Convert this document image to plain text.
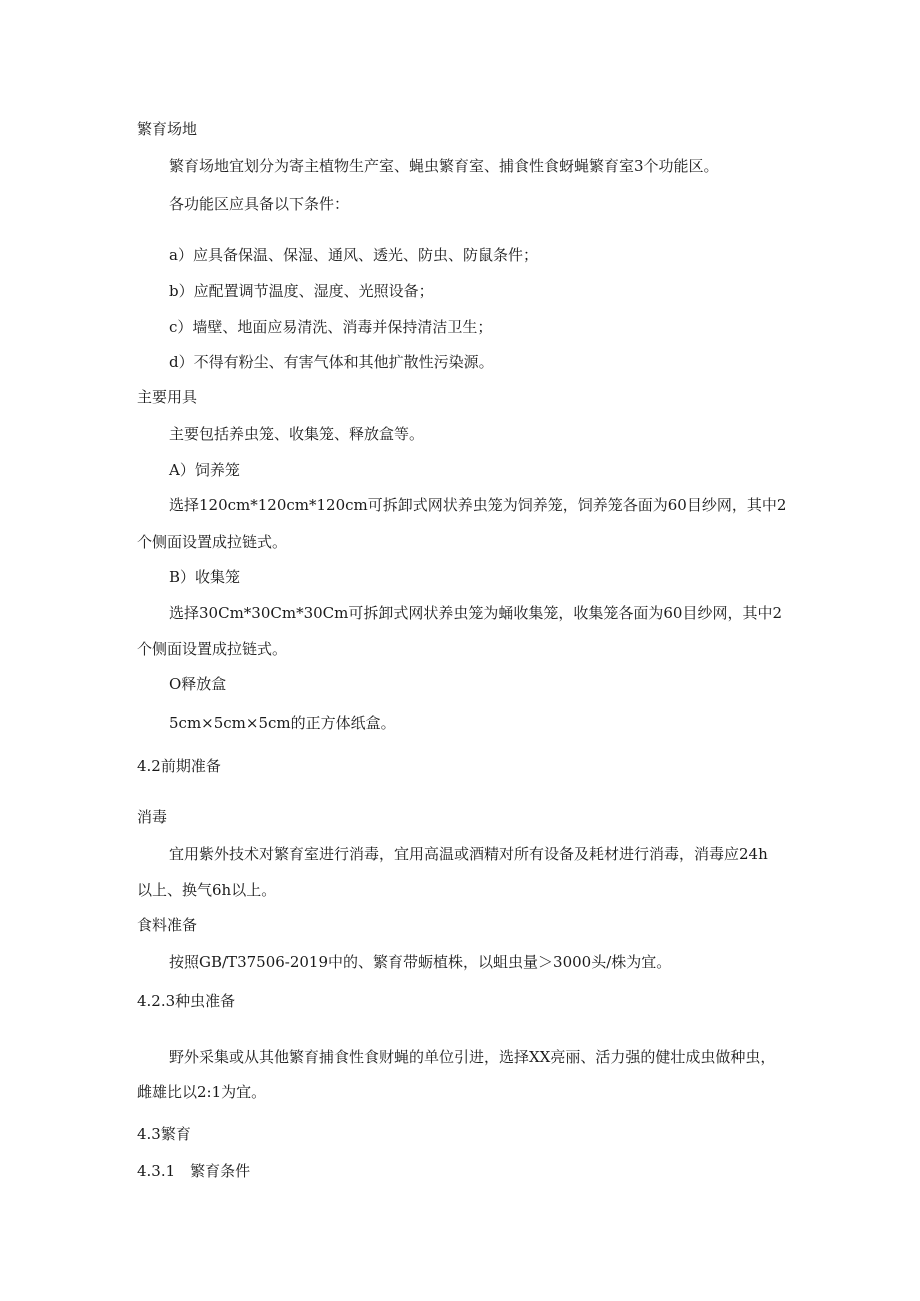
繁育场地

繁育场地宜划分为寄主植物生产室、蝇虫繁育室、捕食性食蚜蝇繁育室3个功能区。

各功能区应具备以下条件：

a）应具备保温、保湿、通风、透光、防虫、防鼠条件；

b）应配置调节温度、湿度、光照设备；

c）墙壁、地面应易清洗、消毒并保持清洁卫生；

d）不得有粉尘、有害气体和其他扩散性污染源。

主要用具

主要包括养虫笼、收集笼、释放盒等。

A）饲养笼

选择120cm*120cm*120cm可拆卸式网状养虫笼为饲养笼，饲养笼各面为60目纱网，其中2

个侧面设置成拉链式。

B）收集笼

选择30Cm*30Cm*30Cm可拆卸式网状养虫笼为蛹收集笼，收集笼各面为60目纱网，其中2

个侧面设置成拉链式。

O释放盒

5cm×5cm×5cm的正方体纸盒。

4.2前期准备

消毒

宜用紫外技术对繁育室进行消毒，宜用高温或酒精对所有设备及耗材进行消毒，消毒应24h

以上、换气6h以上。

食料准备

按照GB/T37506-2019中的、繁育带蛎植株，以蛆虫量＞3000头/株为宜。

4.2.3种虫准备

野外采集或从其他繁育捕食性食财蝇的单位引进，选择XX亮丽、活力强的健壮成虫做种虫，

雌雄比以2:1为宜。

4.3繁育

4.3.1　繁育条件
